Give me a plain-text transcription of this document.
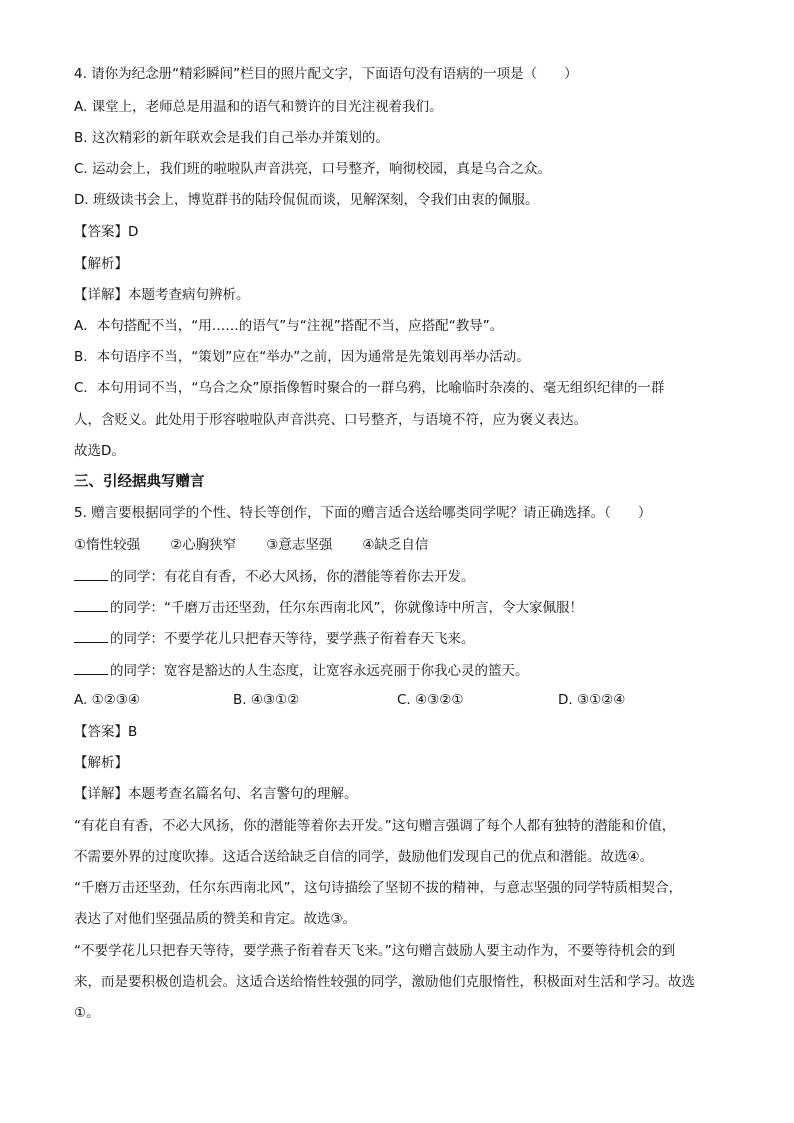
4. 请你为纪念册“精彩瞬间”栏目的照片配文字，下面语句没有语病的一项是（　　）
A. 课堂上，老师总是用温和的语气和赞许的目光注视着我们。
B. 这次精彩的新年联欢会是我们自己举办并策划的。
C. 运动会上，我们班的啦啦队声音洪亮，口号整齐，响彻校园，真是乌合之众。
D. 班级读书会上，博览群书的陆玲侃侃而谈，见解深刻，令我们由衷的佩服。
【答案】D
【解析】
【详解】本题考查病句辨析。
A．本句搭配不当，“用……的语气”与“注视”搭配不当，应搭配“教导”。
B．本句语序不当，“策划”应在“举办”之前，因为通常是先策划再举办活动。
C．本句用词不当，“乌合之众”原指像暂时聚合的一群乌鸦，比喻临时杂凑的、毫无组织纪律的一群
人，含贬义。此处用于形容啦啦队声音洪亮、口号整齐，与语境不符，应为褒义表达。
故选D。
三、引经据典写赠言
5. 赠言要根据同学的个性、特长等创作，下面的赠言适合送给哪类同学呢？请正确选择。（　　）
①惰性较强 ②心胸狭窄 ③意志坚强 ④缺乏自信
的同学：有花自有香，不必大风扬，你的潜能等着你去开发。
的同学：“千磨万击还坚劲，任尔东西南北风”，你就像诗中所言，令大家佩服！
的同学：不要学花儿只把春天等待，要学燕子衔着春天飞来。
的同学：宽容是豁达的人生态度，让宽容永远亮丽于你我心灵的篮天。
A. ①②③④	B. ④③①②	C. ④③②①	D. ③①②④
【答案】B
【解析】
【详解】本题考查名篇名句、名言警句的理解。
“有花自有香，不必大风扬，你的潜能等着你去开发。”这句赠言强调了每个人都有独特的潜能和价值，
不需要外界的过度吹捧。这适合送给缺乏自信的同学，鼓励他们发现自己的优点和潜能。故选④。
“千磨万击还坚劲，任尔东西南北风”，这句诗描绘了坚韧不拔的精神，与意志坚强的同学特质相契合，
表达了对他们坚强品质的赞美和肯定。故选③。
“不要学花儿只把春天等待，要学燕子衔着春天飞来。”这句赠言鼓励人要主动作为，不要等待机会的到
来，而是要积极创造机会。这适合送给惰性较强的同学，激励他们克服惰性，积极面对生活和学习。故选
①。
